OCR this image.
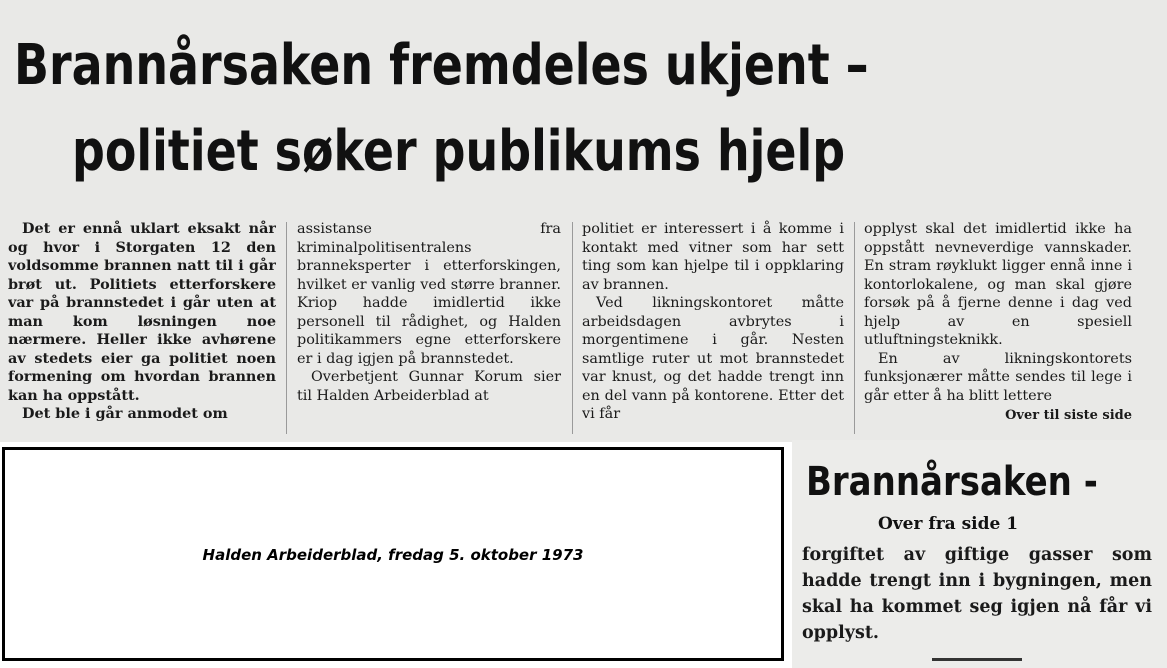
Brannårsaken fremdeles ukjent –
politiet søker publikums hjelp

Det er ennå uklart eksakt når og hvor i Storgaten 12 den voldsomme brannen natt til i går brøt ut. Politiets etterforskere var på brannstedet i går uten at man kom løsningen noe nærmere. Heller ikke avhørene av stedets eier ga politiet noen formening om hvordan brannen kan ha oppstått.

Det ble i går anmodet om

assistanse fra kriminalpolitisentralens branneksperter i etterforskingen, hvilket er vanlig ved større branner. Kriop hadde imidlertid ikke personell til rådighet, og Halden politikammers egne etterforskere er i dag igjen på brannstedet.

Overbetjent Gunnar Korum sier til Halden Arbeiderblad at

politiet er interessert i å komme i kontakt med vitner som har sett ting som kan hjelpe til i oppklaring av brannen.

Ved likningskontoret måtte arbeidsdagen avbrytes i morgentimene i går. Nesten samtlige ruter ut mot brannstedet var knust, og det hadde trengt inn en del vann på kontorene. Etter det vi får

opplyst skal det imidlertid ikke ha oppstått nevneverdige vannskader. En stram røyklukt ligger ennå inne i kontorlokalene, og man skal gjøre forsøk på å fjerne denne i dag ved hjelp av en spesiell utluftningsteknikk.

En av likningskontorets funksjonærer måtte sendes til lege i går etter å ha blitt lettere

Over til siste side
Halden Arbeiderblad, fredag 5. oktober 1973
Brannårsaken -

Over fra side 1

forgiftet av giftige gasser som hadde trengt inn i bygningen, men skal ha kommet seg igjen nå får vi opplyst.
